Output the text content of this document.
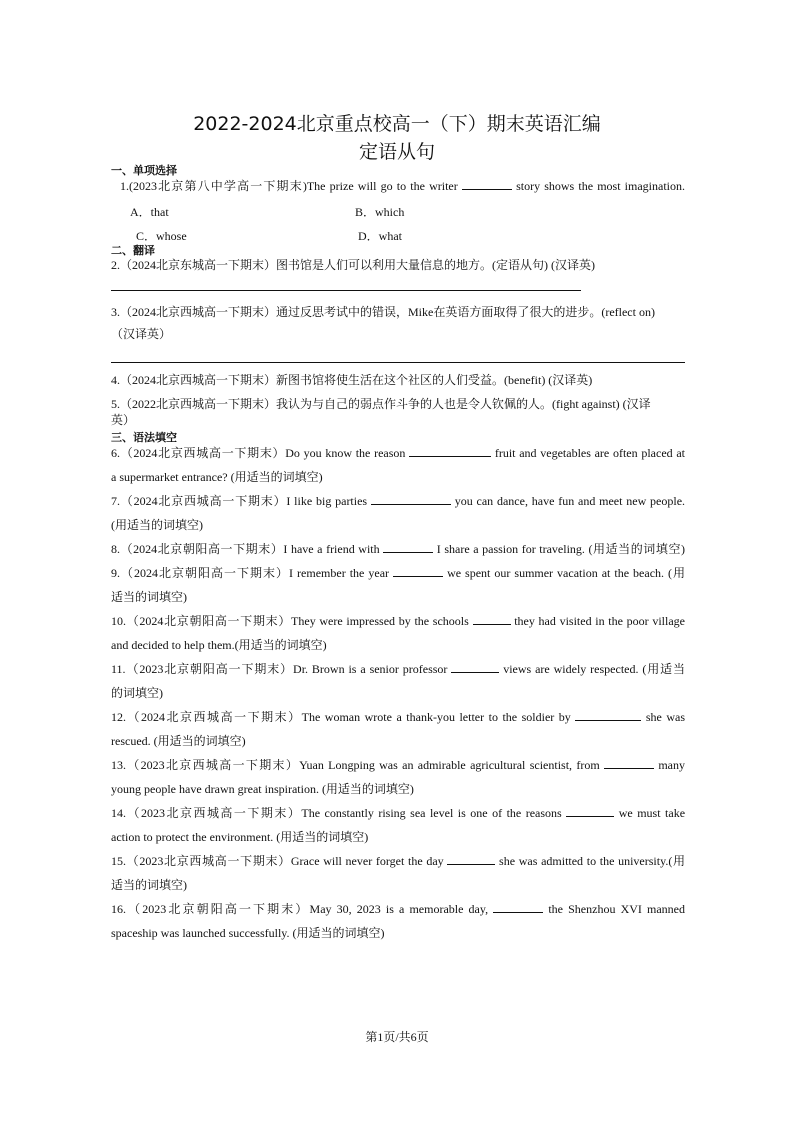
2022-2024北京重点校高一（下）期末英语汇编
定语从句
一、单项选择
1.(2023北京第八中学高一下期末)The prize will go to the writer	story shows the most imagination.
A．that	B．which
C．whose	D．what
二、翻译
2.（2024北京东城高一下期末）图书馆是人们可以利用大量信息的地方。(定语从句) (汉译英)
3.（2024北京西城高一下期末）通过反思考试中的错误，Mike在英语方面取得了很大的进步。(reflect on)
（汉译英）
4.（2024北京西城高一下期末）新图书馆将使生活在这个社区的人们受益。(benefit) (汉译英)
5.（2022北京西城高一下期末）我认为与自己的弱点作斗争的人也是令人钦佩的人。(fight against) (汉译
英）
三、语法填空
6.（2024北京西城高一下期末）Do you know the reason	fruit and vegetables are often placed at
a supermarket entrance? (用适当的词填空)
7.（2024北京西城高一下期末）I like big parties	you can dance, have fun and meet new people.
(用适当的词填空)
8.（2024北京朝阳高一下期末）I have a friend with	I share a passion for traveling. (用适当的词填空)
9.（2024北京朝阳高一下期末）I remember the year	we spent our summer vacation at the beach. (用
适当的词填空)
10.（2024北京朝阳高一下期末）They were impressed by the schools	they had visited in the poor village
and decided to help them.(用适当的词填空)
11.（2023北京朝阳高一下期末）Dr. Brown is a senior professor	views are widely respected. (用适当
的词填空)
12.（2024北京西城高一下期末）The woman wrote a thank-you letter to the soldier by	she was
rescued. (用适当的词填空)
13.（2023北京西城高一下期末）Yuan Longping was an admirable agricultural scientist, from	many
young people have drawn great inspiration. (用适当的词填空)
14.（2023北京西城高一下期末）The constantly rising sea level is one of the reasons	we must take
action to protect the environment. (用适当的词填空)
15.（2023北京西城高一下期末）Grace will never forget the day	she was admitted to the university.(用
适当的词填空)
16.（2023北京朝阳高一下期末）May 30, 2023 is a memorable day,	the Shenzhou XVI manned
spaceship was launched successfully. (用适当的词填空)
第1页/共6页
